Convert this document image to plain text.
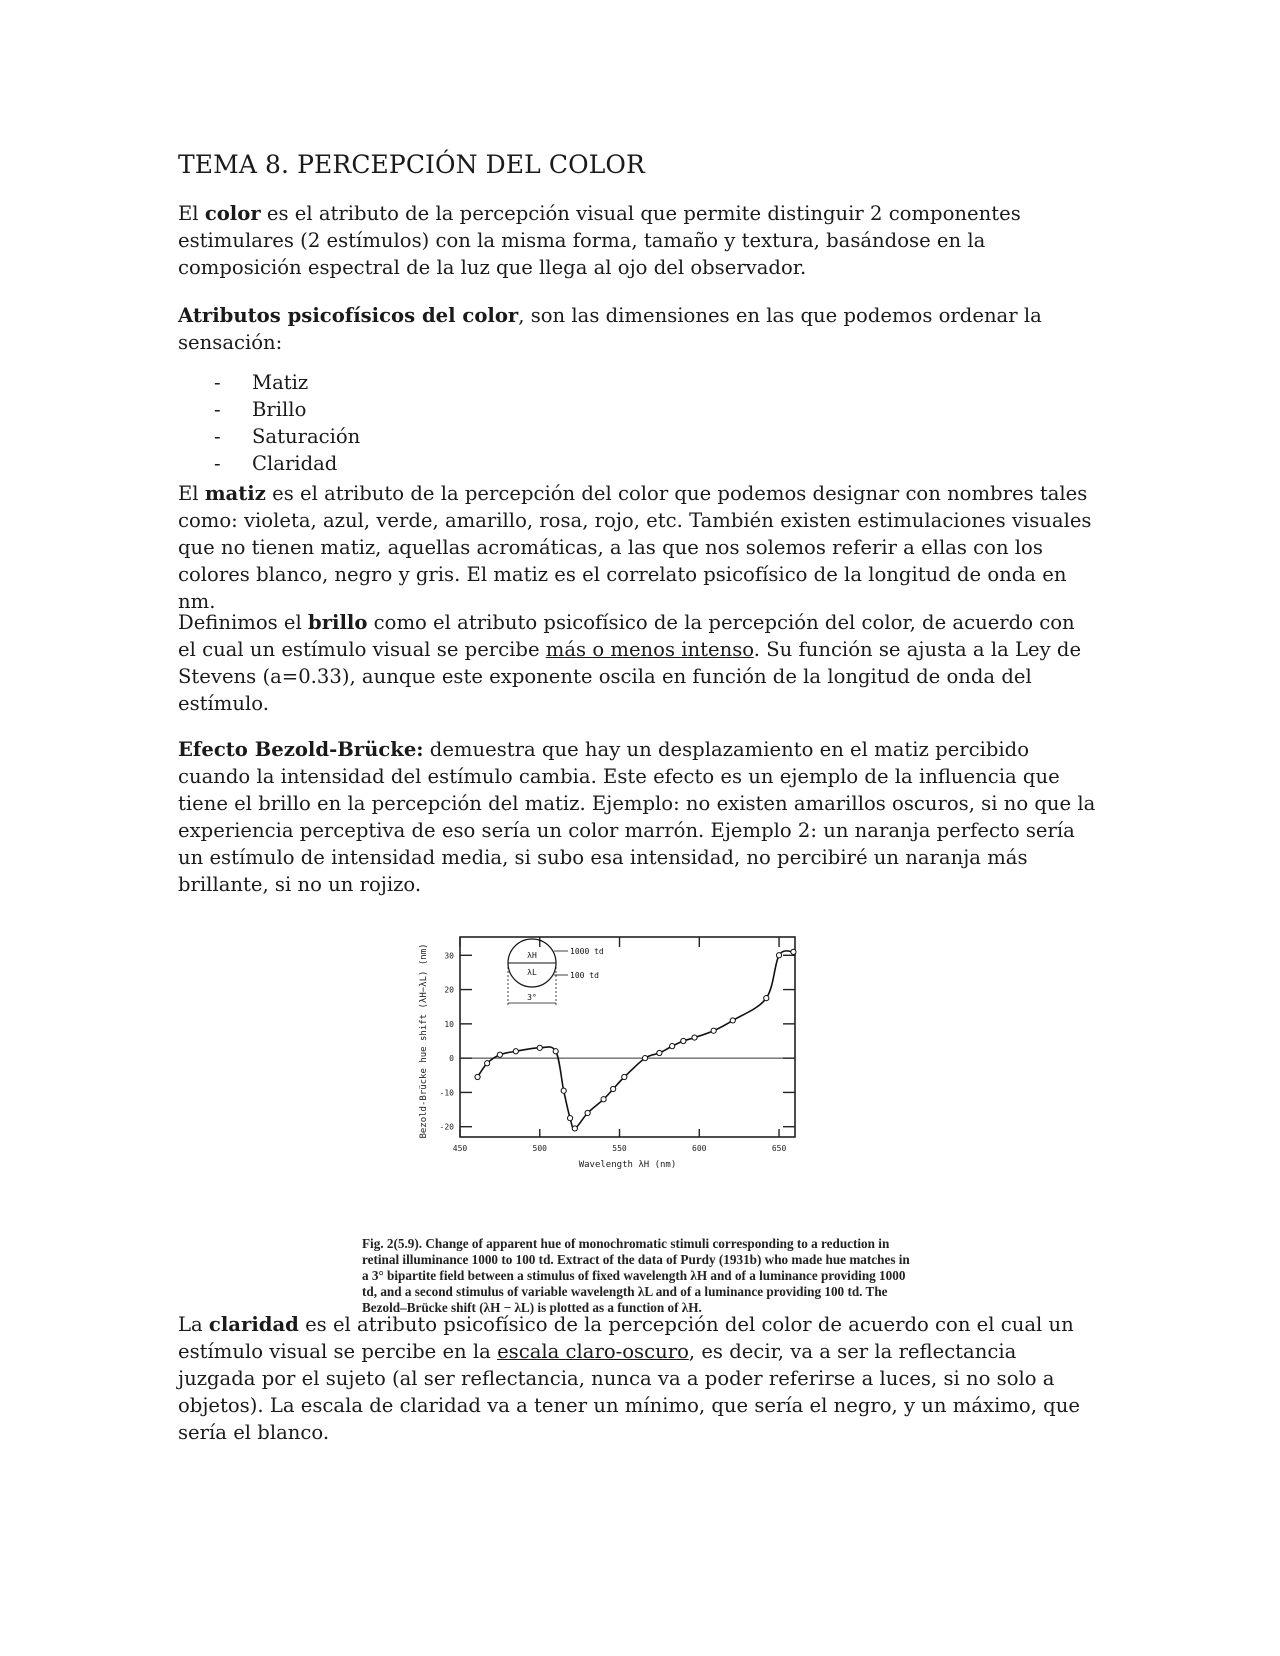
TEMA 8. PERCEPCIÓN DEL COLOR

El color es el atributo de la percepción visual que permite distinguir 2 componentes estimulares (2 estímulos) con la misma forma, tamaño y textura, basándose en la composición espectral de la luz que llega al ojo del observador.

Atributos psicofísicos del color, son las dimensiones en las que podemos ordenar la sensación:

- Matiz
- Brillo
- Saturación
- Claridad

El matiz es el atributo de la percepción del color que podemos designar con nombres tales como: violeta, azul, verde, amarillo, rosa, rojo, etc. También existen estimulaciones visuales que no tienen matiz, aquellas acromáticas, a las que nos solemos referir a ellas con los colores blanco, negro y gris. El matiz es el correlato psicofísico de la longitud de onda en nm.

Definimos el brillo como el atributo psicofísico de la percepción del color, de acuerdo con el cual un estímulo visual se percibe más o menos intenso. Su función se ajusta a la Ley de Stevens (a=0.33), aunque este exponente oscila en función de la longitud de onda del estímulo.

Efecto Bezold-Brücke: demuestra que hay un desplazamiento en el matiz percibido cuando la intensidad del estímulo cambia. Este efecto es un ejemplo de la influencia que tiene el brillo en la percepción del matiz. Ejemplo: no existen amarillos oscuros, si no que la experiencia perceptiva de eso sería un color marrón. Ejemplo 2: un naranja perfecto sería un estímulo de intensidad media, si subo esa intensidad, no percibiré un naranja más brillante, si no un rojizo.

La claridad es el atributo psicofísico de la percepción del color de acuerdo con el cual un estímulo visual se percibe en la escala claro-oscuro, es decir, va a ser la reflectancia juzgada por el sujeto (al ser reflectancia, nunca va a poder referirse a luces, si no solo a objetos). La escala de claridad va a tener un mínimo, que sería el negro, y un máximo, que sería el blanco.

30
20
10
0
-10
-20
450	500	550	600	650
Wavelength λH (nm)
Bezold-Brücke hue shift (λH−λL) (nm)	λH
λL
1000 td
100 td
3°
Fig. 2(5.9). Change of apparent hue of monochromatic stimuli corresponding to a reduction in retinal illuminance 1000 to 100 td. Extract of the data of Purdy (1931b) who made hue matches in a 3° bipartite field between a stimulus of fixed wavelength λH and of a luminance providing 1000 td, and a second stimulus of variable wavelength λL and of a luminance providing 100 td. The Bezold–Brücke shift (λH − λL) is plotted as a function of λH.
